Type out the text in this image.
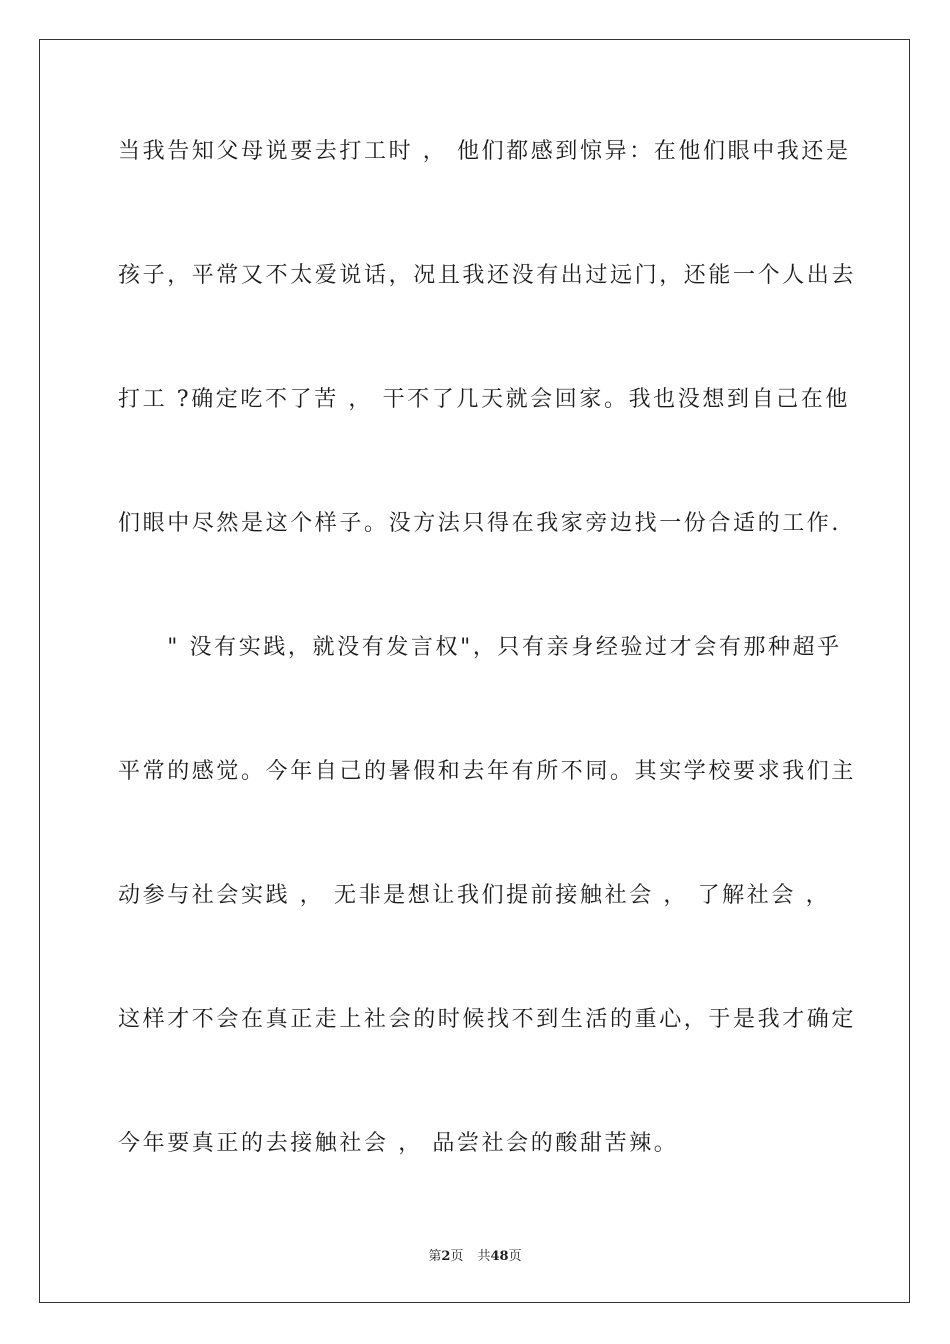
当我告知父母说要去打工时 ， 他们都感到惊异：在他们眼中我还是
孩子，平常又不太爱说话，况且我还没有出过远门，还能一个人出去
打工 ?确定吃不了苦 ， 干不了几天就会回家。我也没想到自己在他
们眼中尽然是这个样子。没方法只得在我家旁边找一份合适的工作.
　　" 没有实践，就没有发言权"，只有亲身经验过才会有那种超乎
平常的感觉。今年自己的暑假和去年有所不同。其实学校要求我们主
动参与社会实践 ， 无非是想让我们提前接触社会 ， 了解社会 ，
这样才不会在真正走上社会的时候找不到生活的重心，于是我才确定
今年要真正的去接触社会 ， 品尝社会的酸甜苦辣。
第2页 共48页
